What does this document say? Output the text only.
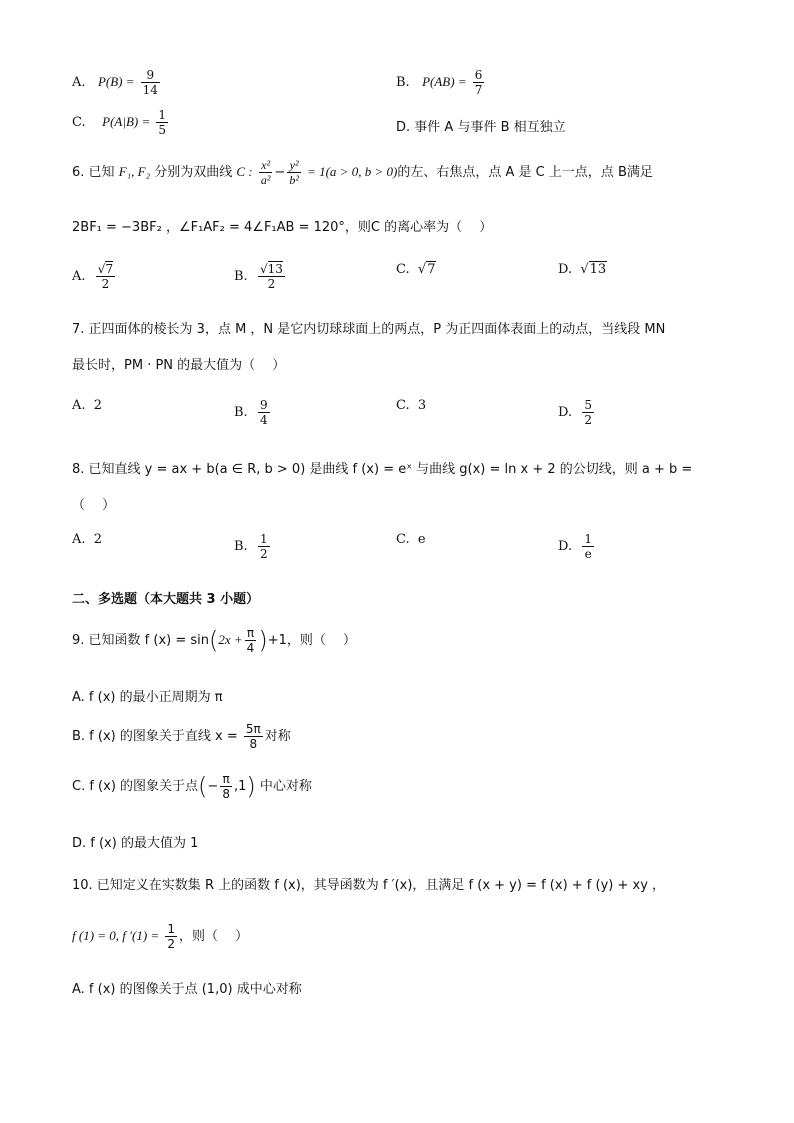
A. $P(B) = \frac{9}{14}$	B. $P(AB) = \frac{6}{7}$
C. $P(A|B) = \frac{1}{5}$	D. 事件 A 与事件 B 相互独立
6. 已知 F₁, F₂ 分别为双曲线 C : $\frac{\text{x²}}{\text{a²}} - \frac{\text{y²}}{\text{b²}} = 1(a > 0$, b > 0)的左、右焦点，点 A 是 C 上一点，点 B满足
2BF₁ = −3BF₂ ，∠F₁AF₂ = 4∠F₁AB = 120°，则C 的离心率为（　 ）
A. $\frac{√7}{2}$	B. $\frac{√13}{2}$	C. √7	D. √13
7. 正四面体的棱长为 3，点 M ，N 是它内切球球面上的两点，P 为正四面体表面上的动点，当线段 MN
最长时，PM · PN 的最大值为（　 ）
A. 2	B. $\frac{9}{4}$	C. 3	D. $\frac{5}{2}$
8. 已知直线 y = ax + b(a ∈ R, b > 0) 是曲线 f (x) = eˣ 与曲线 g(x) = ln x + 2 的公切线，则 a + b =
（　 ）
A. 2	B. $\frac{1}{2}$	C. e	D. $\frac{1}{e}$
二、多选题（本大题共 3 小题）
9. 已知函数 f $(x) = \sin(2x + \frac{\pi}{4} )+1$，则（　 ）
A. f (x) 的最小正周期为 π
B. f (x) 的图象关于直线 $x = \frac{5\pi}{8}$ 对称
C. f (x) 的图象关于点(− $\frac{\pi}{8} ,1$) 中心对称
D. f (x) 的最大值为 1
10. 已知定义在实数集 R 上的函数 f (x)，其导函数为 f ′(x)，且满足 f (x + y) = f (x) + f (y) + xy ，
f (1) = 0, f $'(1) = \frac{1}{2}$ ，则（　 ）
A. f (x) 的图像关于点 (1,0) 成中心对称
